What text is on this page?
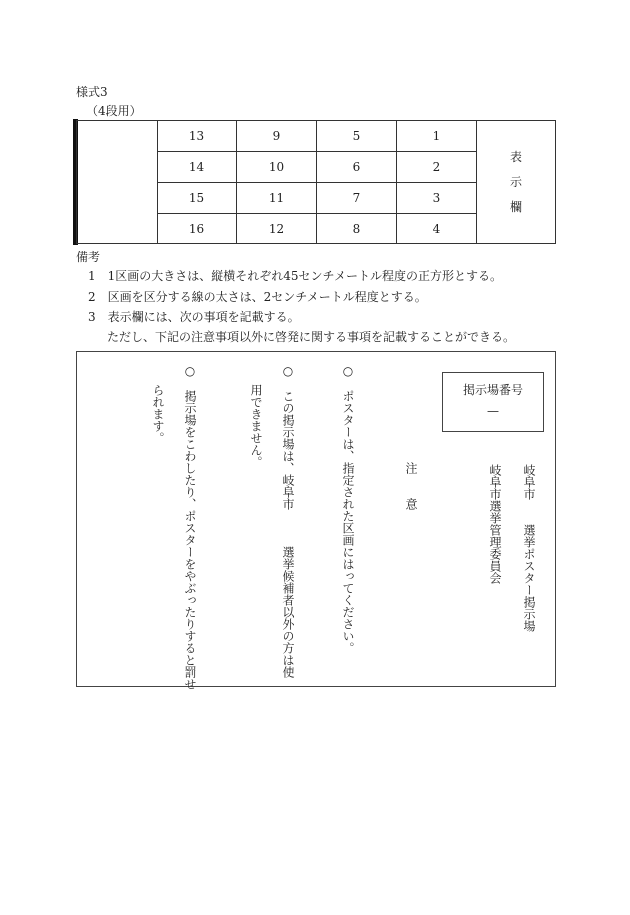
様式3
（4段用）
13	9	5	1
14	10	6	2
15	11	7	3
16	12	8	4
表
示
欄
備考
1　1区画の大きさは、縦横それぞれ45センチメートル程度の正方形とする。
2　区画を区分する線の太さは、2センチメートル程度とする。
3　表示欄には、次の事項を記載する。
ただし、下記の注意事項以外に啓発に関する事項を記載することができる。
掲示場番号
—
岐阜市　　選挙ポスター掲示場
岐阜市選挙管理委員会
注　　意
○　ポスターは、指定された区画にはってください。
○　この掲示場は、岐阜市　　　選挙候補者以外の方は使
用できません。
○　掲示場をこわしたり、ポスターをやぶったりすると罰せ
られます。
